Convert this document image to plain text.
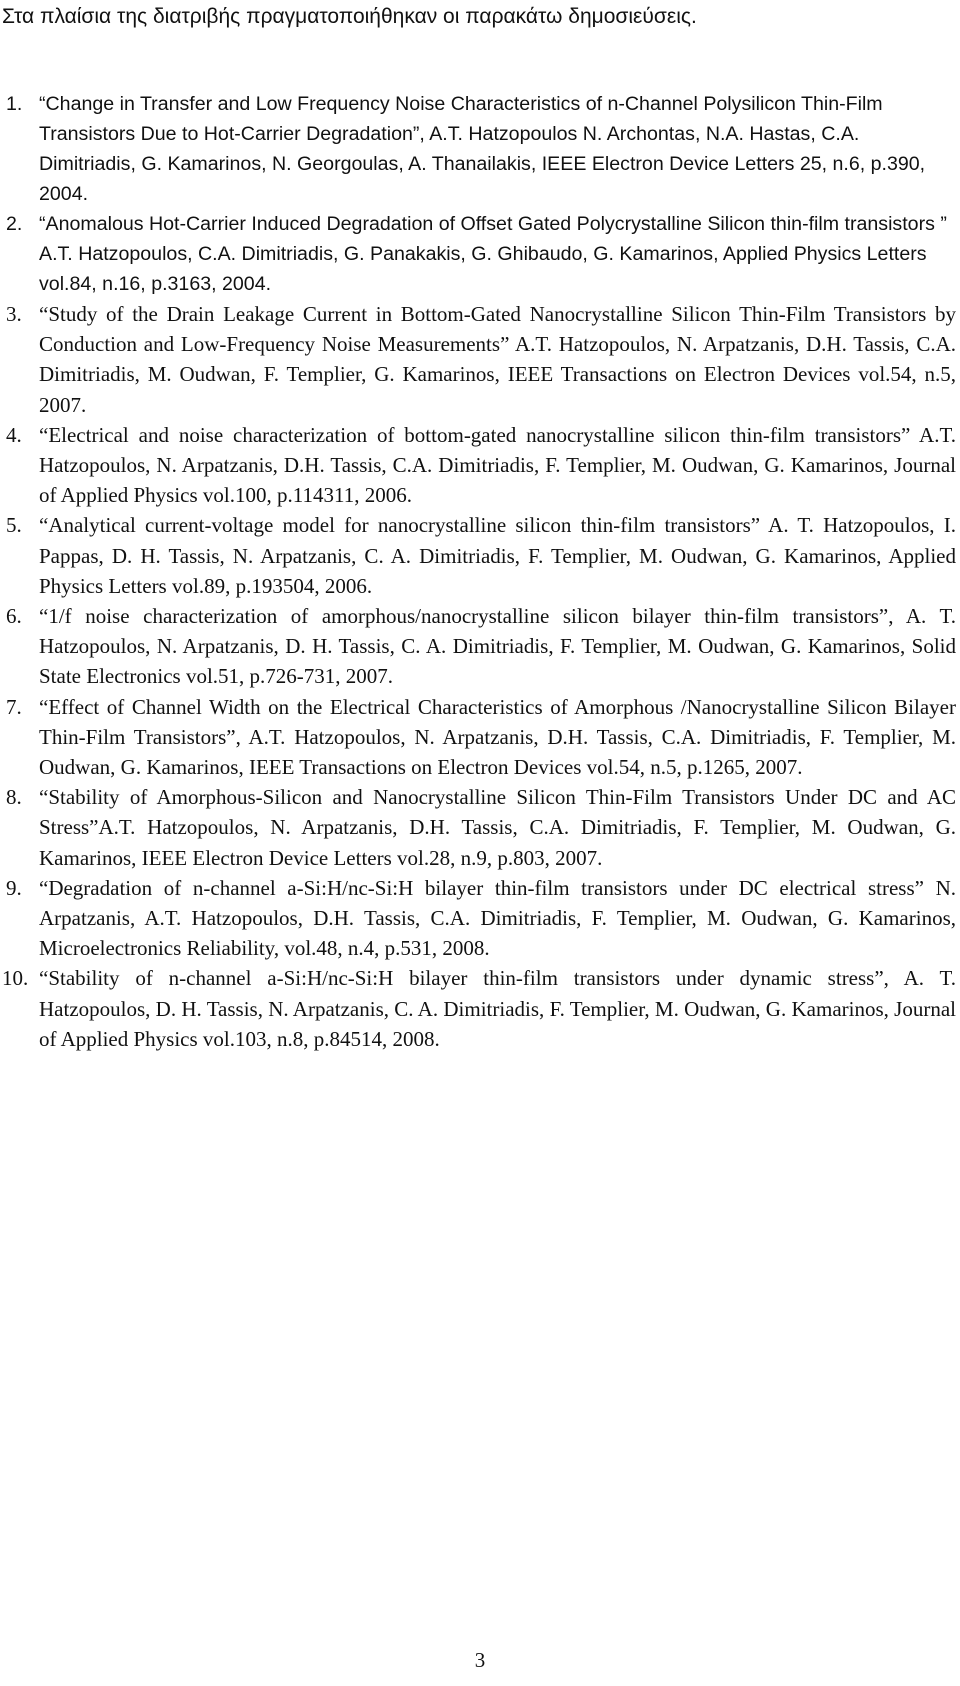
Στα πλαίσια της διατριβής πραγματοποιήθηκαν οι παρακάτω δημοσιεύσεις.
1. “Change in Transfer and Low Frequency Noise Characteristics of n-Channel Polysilicon Thin-Film Transistors Due to Hot-Carrier Degradation”, A.T. Hatzopoulos N. Archontas, N.A. Hastas, C.A. Dimitriadis, G. Kamarinos, N. Georgoulas, A. Thanailakis, IEEE Electron Device Letters 25, n.6, p.390, 2004.
2. “Anomalous Hot-Carrier Induced Degradation of Offset Gated Polycrystalline Silicon thin-film transistors ” A.T. Hatzopoulos, C.A. Dimitriadis, G. Panakakis, G. Ghibaudo, G. Kamarinos, Applied Physics Letters vol.84, n.16, p.3163, 2004.
3. “Study of the Drain Leakage Current in Bottom-Gated Nanocrystalline Silicon Thin-Film Transistors by Conduction and Low-Frequency Noise Measurements” A.T. Hatzopoulos, N. Arpatzanis, D.H. Tassis, C.A. Dimitriadis, M. Oudwan, F. Templier, G. Kamarinos, IEEE Transactions on Electron Devices vol.54, n.5, 2007.
4. “Electrical and noise characterization of bottom-gated nanocrystalline silicon thin-film transistors” A.T. Hatzopoulos, N. Arpatzanis, D.H. Tassis, C.A. Dimitriadis, F. Templier, M. Oudwan, G. Kamarinos, Journal of Applied Physics vol.100, p.114311, 2006.
5. “Analytical current-voltage model for nanocrystalline silicon thin-film transistors” A. T. Hatzopoulos, I. Pappas, D. H. Tassis, N. Arpatzanis, C. A. Dimitriadis, F. Templier, M. Oudwan, G. Kamarinos, Applied Physics Letters vol.89, p.193504, 2006.
6. “1/f noise characterization of amorphous/nanocrystalline silicon bilayer thin-film transistors”, A. T. Hatzopoulos, N. Arpatzanis, D. H. Tassis, C. A. Dimitriadis, F. Templier, M. Oudwan, G. Kamarinos, Solid State Electronics vol.51, p.726-731, 2007.
7. “Effect of Channel Width on the Electrical Characteristics of Amorphous /Nanocrystalline Silicon Bilayer Thin-Film Transistors”, A.T. Hatzopoulos, N. Arpatzanis, D.H. Tassis, C.A. Dimitriadis, F. Templier, M. Oudwan, G. Kamarinos, IEEE Transactions on Electron Devices vol.54, n.5, p.1265, 2007.
8. “Stability of Amorphous-Silicon and Nanocrystalline Silicon Thin-Film Transistors Under DC and AC Stress”A.T. Hatzopoulos, N. Arpatzanis, D.H. Tassis, C.A. Dimitriadis, F. Templier, M. Oudwan, G. Kamarinos, IEEE Electron Device Letters vol.28, n.9, p.803, 2007.
9. “Degradation of n-channel a-Si:H/nc-Si:H bilayer thin-film transistors under DC electrical stress” N. Arpatzanis, A.T. Hatzopoulos, D.H. Tassis, C.A. Dimitriadis, F. Templier, M. Oudwan, G. Kamarinos, Microelectronics Reliability, vol.48, n.4, p.531, 2008.
10. “Stability of n-channel a-Si:H/nc-Si:H bilayer thin-film transistors under dynamic stress”, A. T. Hatzopoulos, D. H. Tassis, N. Arpatzanis, C. A. Dimitriadis, F. Templier, M. Oudwan, G. Kamarinos, Journal of Applied Physics vol.103, n.8, p.84514, 2008.
3
